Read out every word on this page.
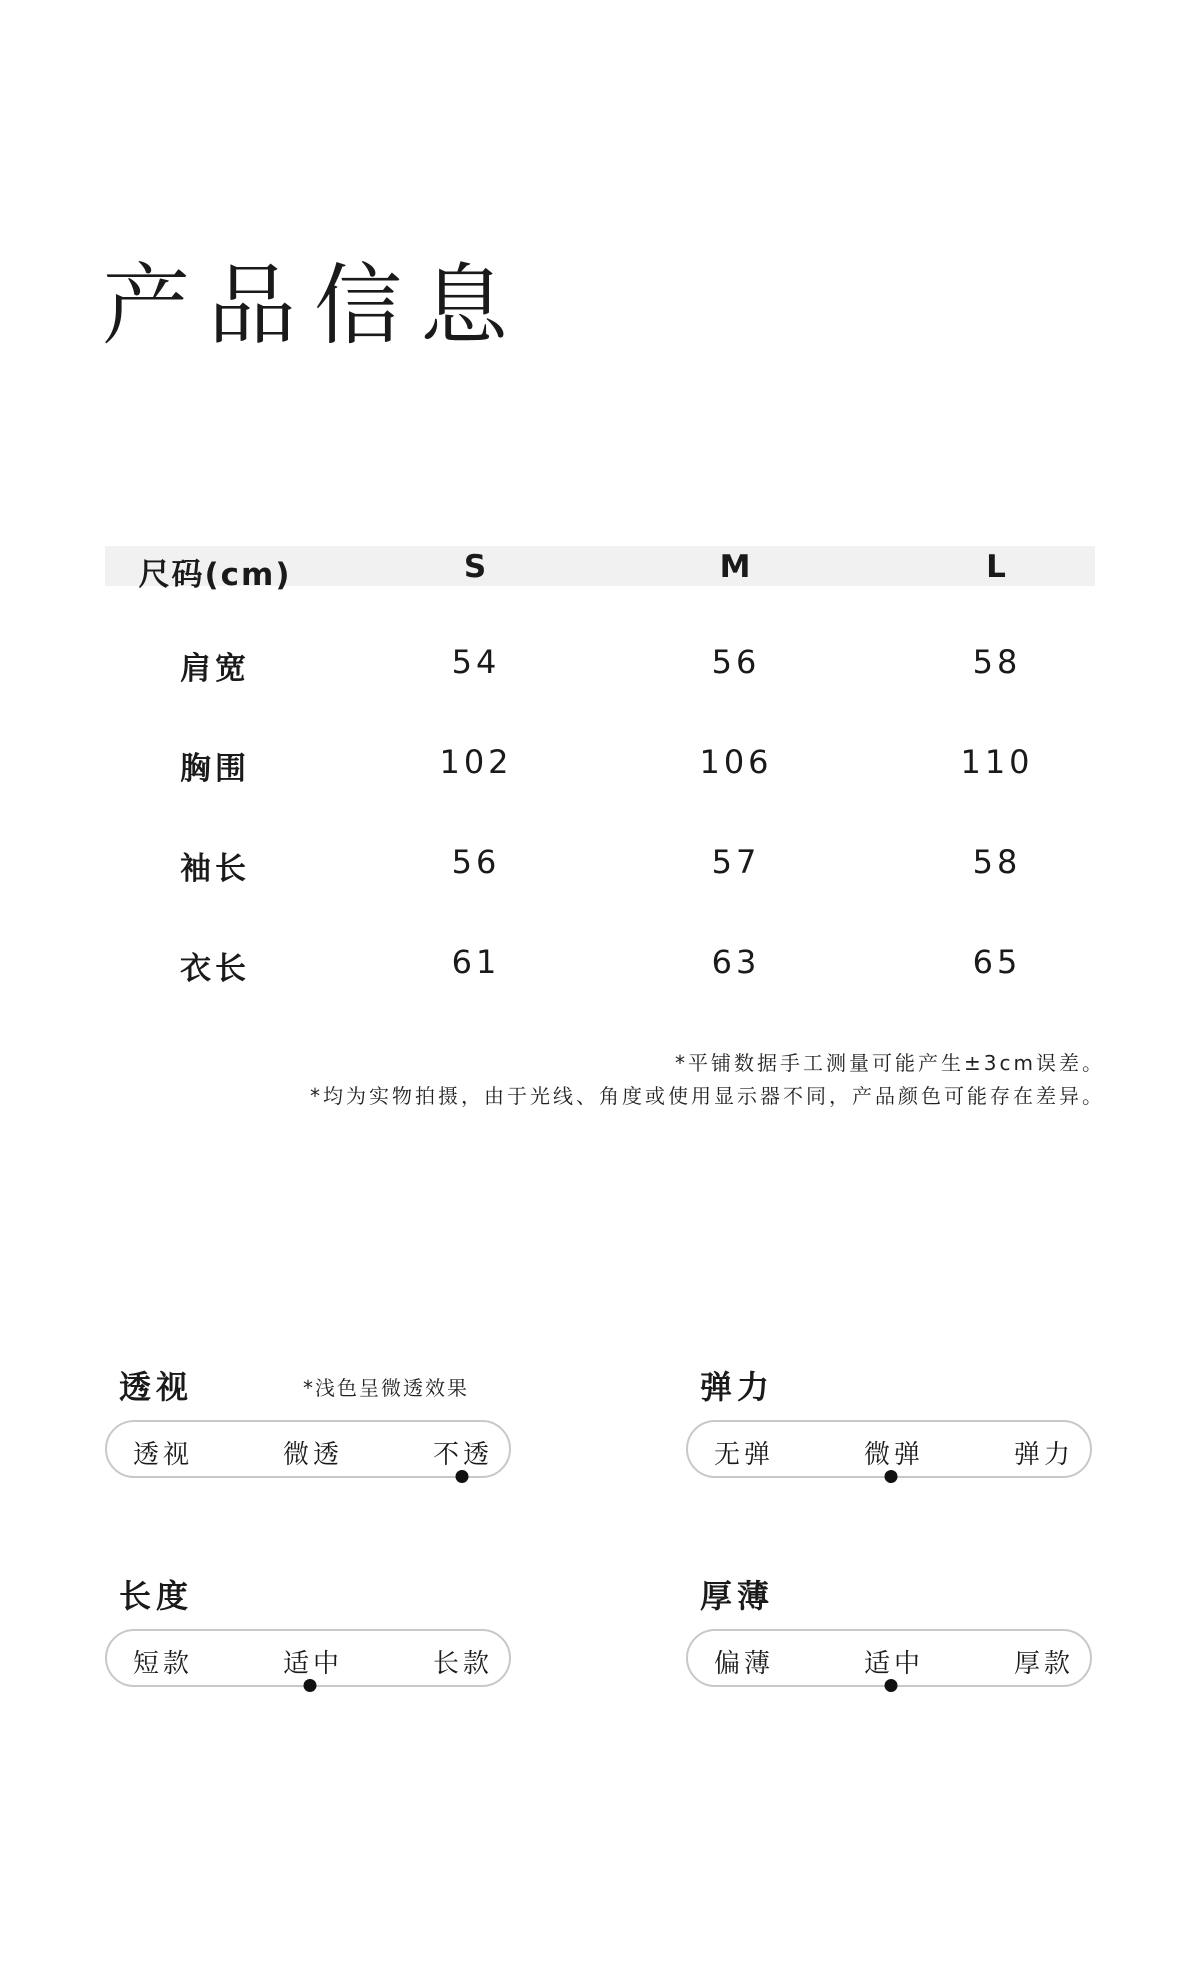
产品信息
尺码(cm)	S	M	L
肩宽	54	56	58
胸围	102	106	110
袖长	56	57	58
衣长	61	63	65
*平铺数据手工测量可能产生±3cm误差。
*均为实物拍摄，由于光线、角度或使用显示器不同，产品颜色可能存在差异。
透视	*浅色呈微透效果
透视	微透	不透
弹力
无弹	微弹	弹力
长度
短款	适中	长款
厚薄
偏薄	适中	厚款
